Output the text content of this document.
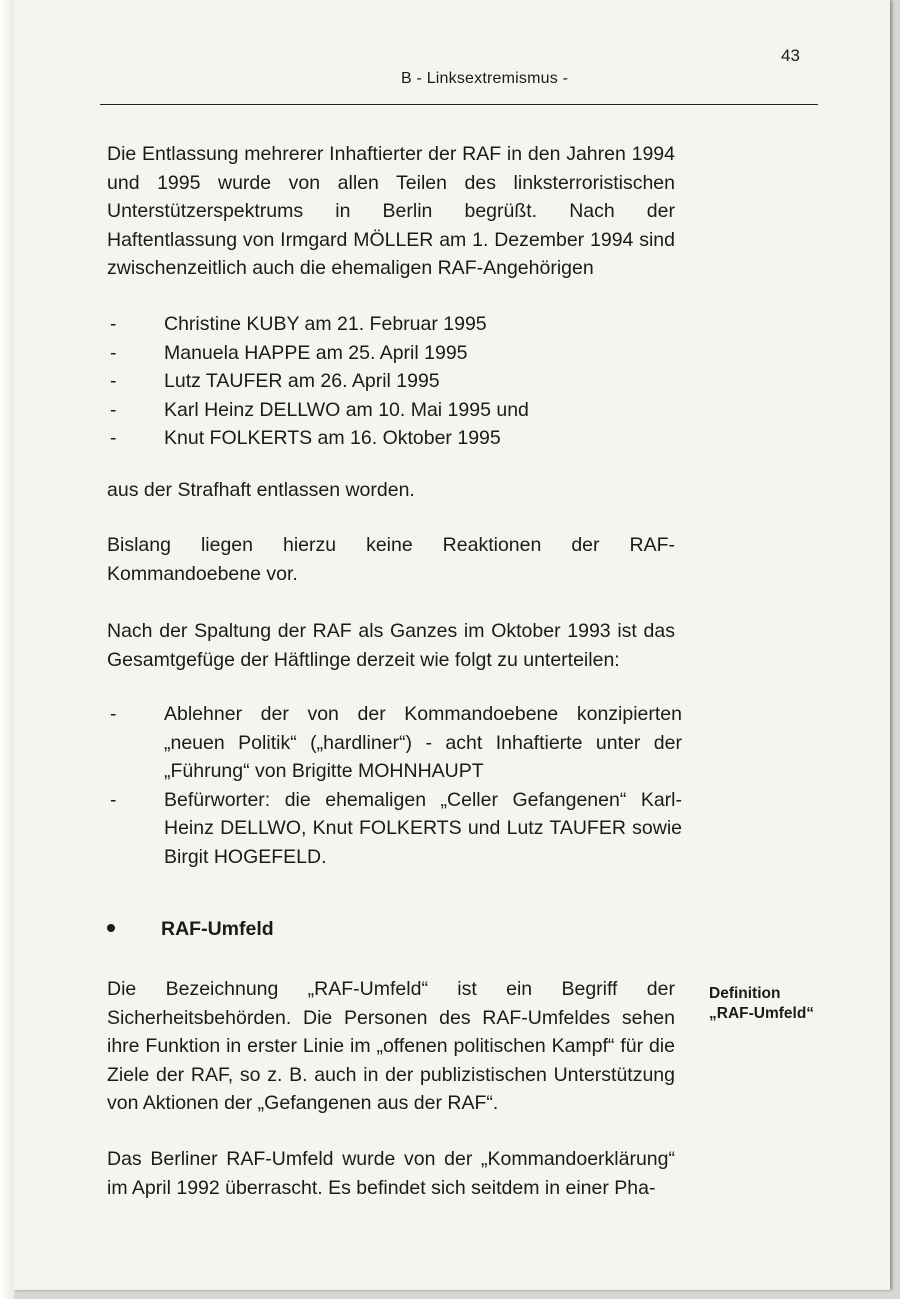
43
B - Linksextremismus -

Die Entlassung mehrerer Inhaftierter der RAF in den Jahren 1994 und 1995 wurde von allen Teilen des linksterroristischen Unterstützerspektrums in Berlin begrüßt. Nach der Haftentlassung von Irmgard MÖLLER am 1. Dezember 1994 sind zwischenzeitlich auch die ehemaligen RAF-Angehörigen

- Christine KUBY am 21. Februar 1995
- Manuela HAPPE am 25. April 1995
- Lutz TAUFER am 26. April 1995
- Karl Heinz DELLWO am 10. Mai 1995 und
- Knut FOLKERTS am 16. Oktober 1995

aus der Strafhaft entlassen worden.

Bislang liegen hierzu keine Reaktionen der RAF-Kommandoebene vor.

Nach der Spaltung der RAF als Ganzes im Oktober 1993 ist das Gesamtgefüge der Häftlinge derzeit wie folgt zu unterteilen:

- Ablehner der von der Kommandoebene konzipierten „neuen Politik“ („hardliner“) - acht Inhaftierte unter der „Führung“ von Brigitte MOHNHAUPT
- Befürworter: die ehemaligen „Celler Gefangenen“ Karl-Heinz DELLWO, Knut FOLKERTS und Lutz TAUFER sowie Birgit HOGEFELD.
RAF-Umfeld

Die Bezeichnung „RAF-Umfeld“ ist ein Begriff der Sicherheitsbehörden. Die Personen des RAF-Umfeldes sehen ihre Funktion in erster Linie im „offenen politischen Kampf“ für die Ziele der RAF, so z. B. auch in der publizistischen Unterstützung von Aktionen der „Gefangenen aus der RAF“.

Definition „RAF-Umfeld“

Das Berliner RAF-Umfeld wurde von der „Kommandoerklärung“ im April 1992 überrascht. Es befindet sich seitdem in einer Pha-
